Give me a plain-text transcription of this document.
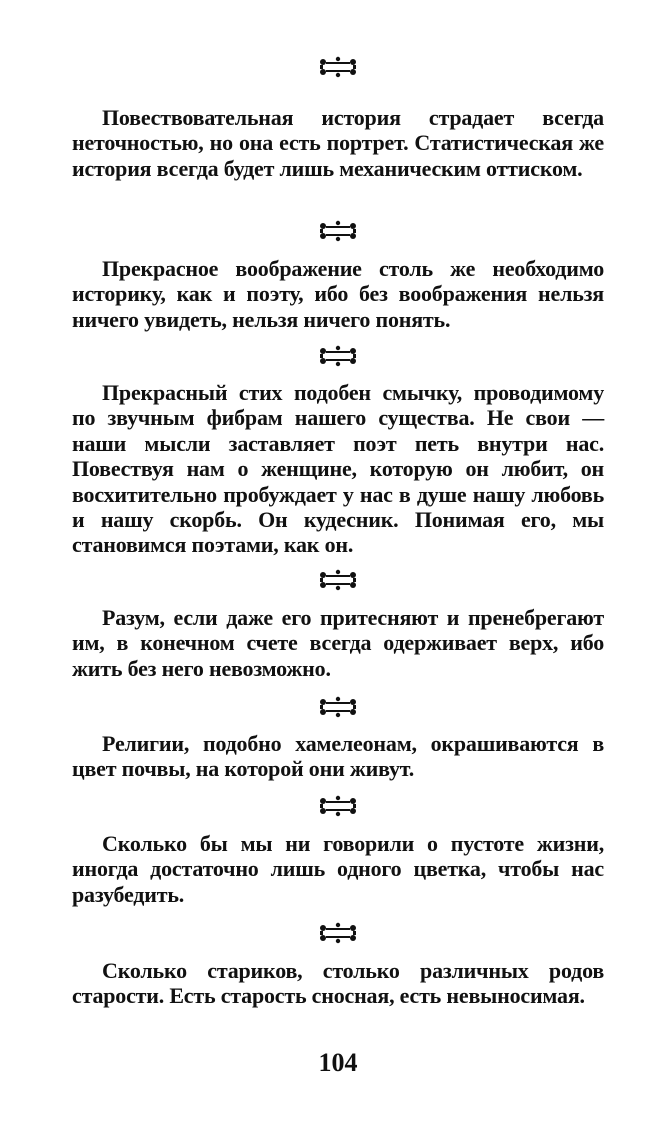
Повествовательная история страдает всегда неточностью, но она есть портрет. Статистическая же история всегда будет лишь механическим оттиском.

Прекрасное воображение столь же необходимо историку, как и поэту, ибо без воображения нельзя ничего увидеть, нельзя ничего понять.

Прекрасный стих подобен смычку, проводимому по звучным фибрам нашего существа. Не свои — наши мысли заставляет поэт петь внутри нас. Повествуя нам о женщине, которую он любит, он восхитительно пробуждает у нас в душе нашу любовь и нашу скорбь. Он кудесник. Понимая его, мы становимся поэтами, как он.

Разум, если даже его притесняют и пренебрегают им, в конечном счете всегда одерживает верх, ибо жить без него невозможно.

Религии, подобно хамелеонам, окрашиваются в цвет почвы, на которой они живут.

Сколько бы мы ни говорили о пустоте жизни, иногда достаточно лишь одного цветка, чтобы нас разубедить.

Сколько стариков, столько различных родов старости. Есть старость сносная, есть невыносимая.

104
